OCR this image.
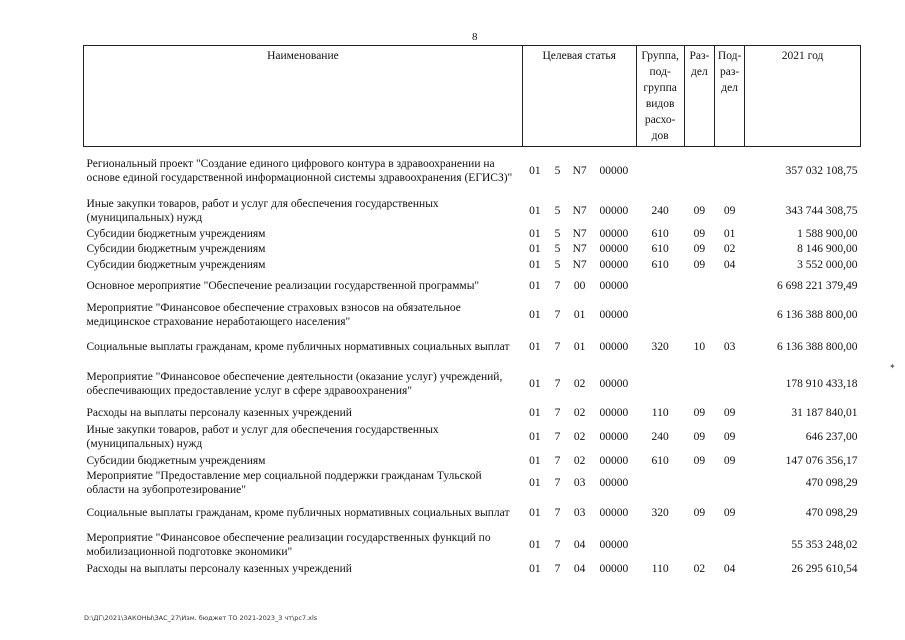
8
Наименование	Целевая статья				Группа, под-группа видов расхо-дов	Раз-дел	Под-раз-дел	2021 год
Региональный проект "Создание единого цифрового контура в здравоохранении на основе единой государственной информационной системы здравоохранения (ЕГИСЗ)"	01	5	N7	00000				357 032 108,75
Иные закупки товаров, работ и услуг для обеспечения государственных (муниципальных) нужд	01	5	N7	00000	240	09	09	343 744 308,75
Субсидии бюджетным учреждениям	01	5	N7	00000	610	09	01	1 588 900,00
Субсидии бюджетным учреждениям	01	5	N7	00000	610	09	02	8 146 900,00
Субсидии бюджетным учреждениям	01	5	N7	00000	610	09	04	3 552 000,00
Основное мероприятие "Обеспечение реализации государственной программы"	01	7	00	00000				6 698 221 379,49
Мероприятие "Финансовое обеспечение страховых взносов на обязательное медицинское страхование неработающего населения"	01	7	01	00000				6 136 388 800,00
Социальные выплаты гражданам, кроме публичных нормативных социальных выплат	01	7	01	00000	320	10	03	6 136 388 800,00
Мероприятие "Финансовое обеспечение деятельности (оказание услуг) учреждений, обеспечивающих предоставление услуг в сфере здравоохранения"	01	7	02	00000				178 910 433,18
Расходы на выплаты персоналу казенных учреждений	01	7	02	00000	110	09	09	31 187 840,01
Иные закупки товаров, работ и услуг для обеспечения государственных (муниципальных) нужд	01	7	02	00000	240	09	09	646 237,00
Субсидии бюджетным учреждениям	01	7	02	00000	610	09	09	147 076 356,17
Мероприятие "Предоставление мер социальной поддержки гражданам Тульской области на зубопротезирование"	01	7	03	00000				470 098,29
Социальные выплаты гражданам, кроме публичных нормативных социальных выплат	01	7	03	00000	320	09	09	470 098,29
Мероприятие "Финансовое обеспечение реализации государственных функций по мобилизационной подготовке экономики"	01	7	04	00000				55 353 248,02
Расходы на выплаты персоналу казенных учреждений	01	7	04	00000	110	02	04	26 295 610,54
D:\ДГ\2021\ЗАКОНЫ\ЗАС_27\Изм. бюджет ТО 2021-2023_3 чт\рс7.xls
✦
